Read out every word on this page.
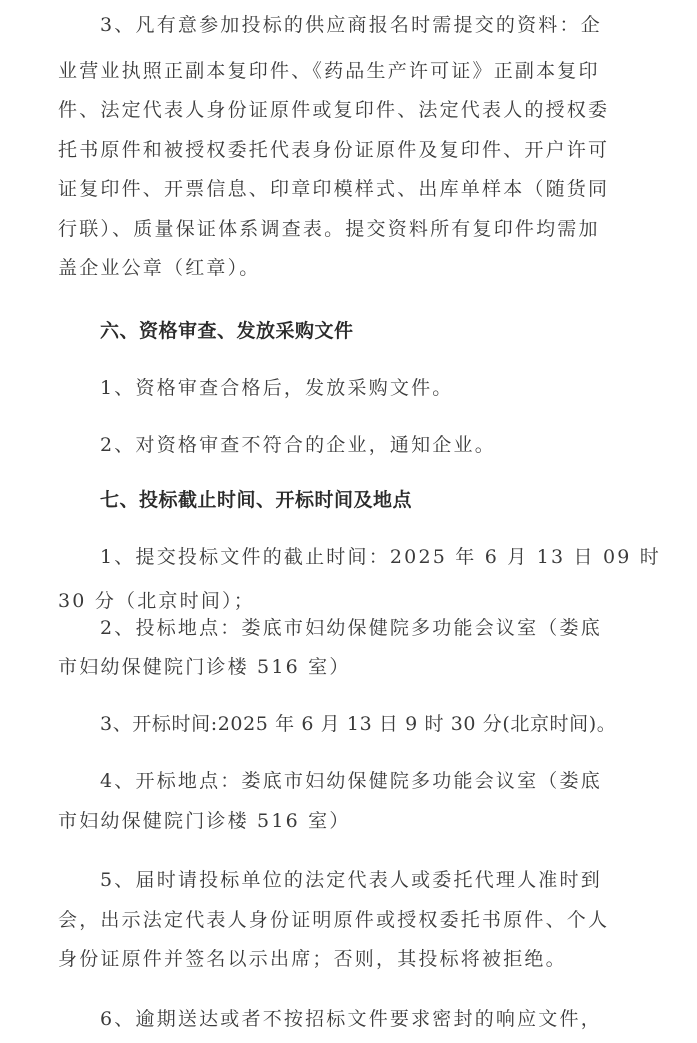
3、凡有意参加投标的供应商报名时需提交的资料：企
业营业执照正副本复印件、《药品生产许可证》正副本复印
件、法定代表人身份证原件或复印件、法定代表人的授权委
托书原件和被授权委托代表身份证原件及复印件、开户许可
证复印件、开票信息、印章印模样式、出库单样本（随货同
行联）、质量保证体系调查表。提交资料所有复印件均需加
盖企业公章（红章）。
六、资格审查、发放采购文件
1、资格审查合格后，发放采购文件。
2、对资格审查不符合的企业，通知企业。
七、投标截止时间、开标时间及地点
1、提交投标文件的截止时间：2025 年 6 月 13 日 09 时
30 分（北京时间）；
2、投标地点：娄底市妇幼保健院多功能会议室（娄底
市妇幼保健院门诊楼 516 室）
3、开标时间:2025 年 6 月 13 日 9 时 30 分(北京时间)。
4、开标地点：娄底市妇幼保健院多功能会议室（娄底
市妇幼保健院门诊楼 516 室）
5、届时请投标单位的法定代表人或委托代理人准时到
会，出示法定代表人身份证明原件或授权委托书原件、个人
身份证原件并签名以示出席；否则，其投标将被拒绝。
6、逾期送达或者不按招标文件要求密封的响应文件，
